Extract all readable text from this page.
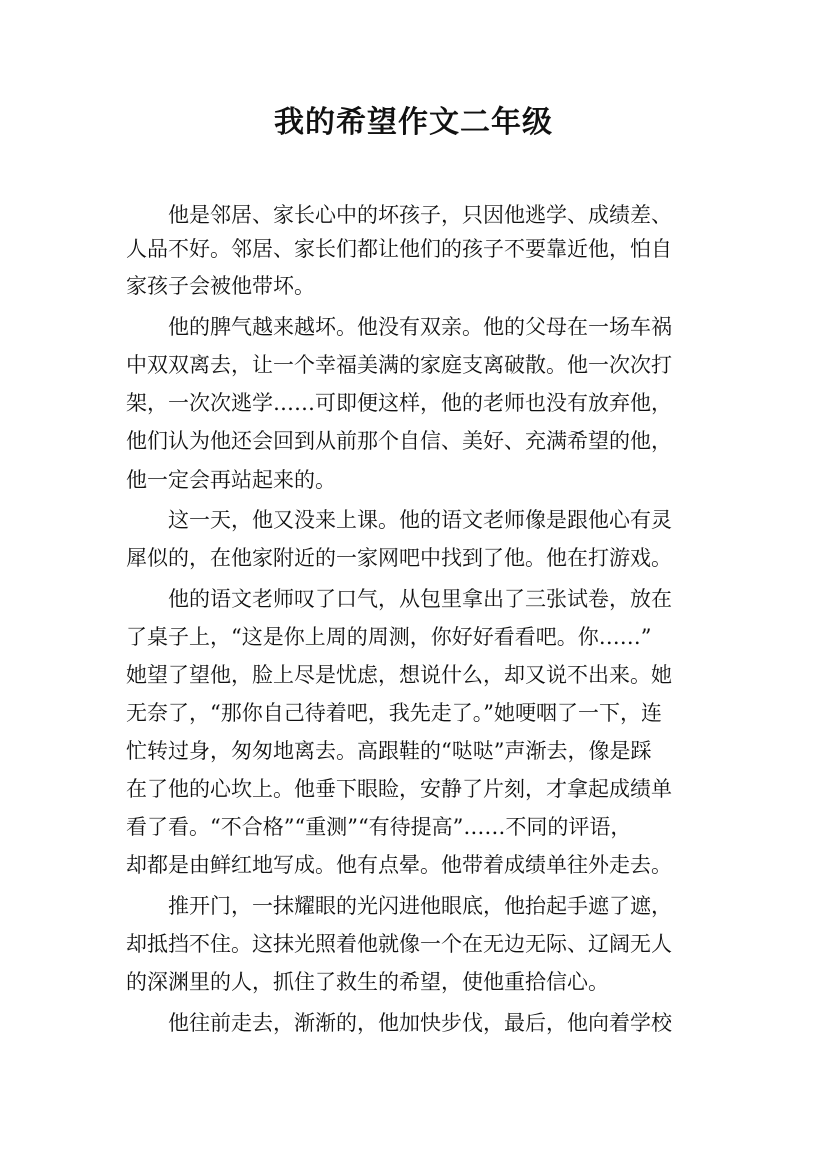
我的希望作文二年级

他是邻居、家长心中的坏孩子，只因他逃学、成绩差、

人品不好。邻居、家长们都让他们的孩子不要靠近他，怕自

家孩子会被他带坏。

他的脾气越来越坏。他没有双亲。他的父母在一场车祸

中双双离去，让一个幸福美满的家庭支离破散。他一次次打

架，一次次逃学……可即便这样，他的老师也没有放弃他，

他们认为他还会回到从前那个自信、美好、充满希望的他，

他一定会再站起来的。

这一天，他又没来上课。他的语文老师像是跟他心有灵

犀似的，在他家附近的一家网吧中找到了他。他在打游戏。

他的语文老师叹了口气，从包里拿出了三张试卷，放在

了桌子上，“这是你上周的周测，你好好看看吧。你……”

她望了望他，脸上尽是忧虑，想说什么，却又说不出来。她

无奈了，“那你自己待着吧，我先走了。”她哽咽了一下，连

忙转过身，匆匆地离去。高跟鞋的“哒哒”声渐去，像是踩

在了他的心坎上。他垂下眼睑，安静了片刻，才拿起成绩单

看了看。“不合格”“重测”“有待提高”……不同的评语，

却都是由鲜红地写成。他有点晕。他带着成绩单往外走去。

推开门，一抹耀眼的光闪进他眼底，他抬起手遮了遮，

却抵挡不住。这抹光照着他就像一个在无边无际、辽阔无人

的深渊里的人，抓住了救生的希望，使他重拾信心。

他往前走去，渐渐的，他加快步伐，最后，他向着学校
